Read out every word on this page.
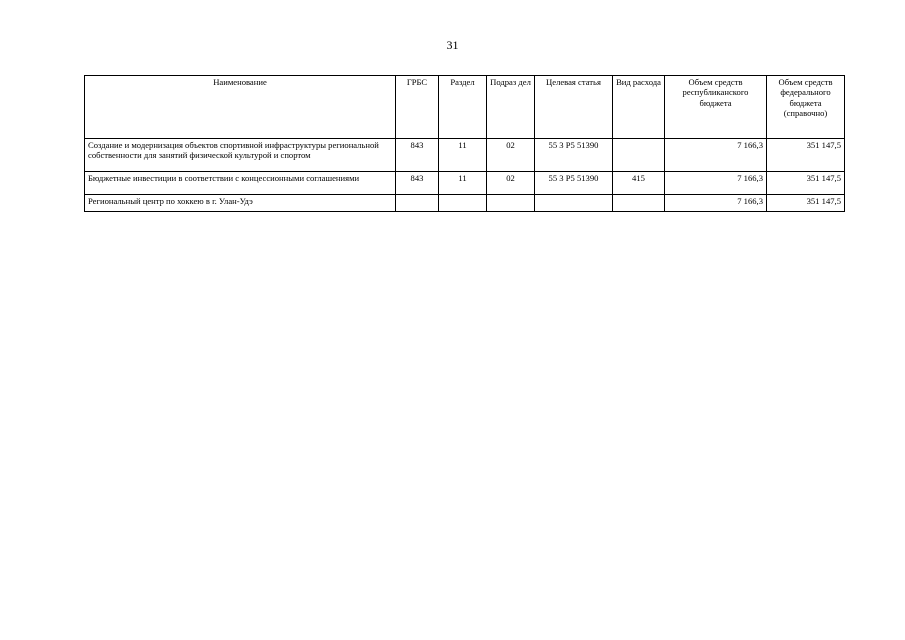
31
Наименование	ГРБС	Раздел	Подраз дел	Целевая статья	Вид расхода	Объем средств республиканского бюджета	Объем средств федерального бюджета (справочно)
Создание и модернизация объектов спортивной инфраструктуры региональной собственности для занятий физической культурой и спортом	843	11	02	55 3 Р5 51390		7 166,3	351 147,5
Бюджетные инвестиции в соответствии с концессионными соглашениями	843	11	02	55 3 Р5 51390	415	7 166,3	351 147,5
Региональный центр по хоккею в г. Улан-Удэ						7 166,3	351 147,5
